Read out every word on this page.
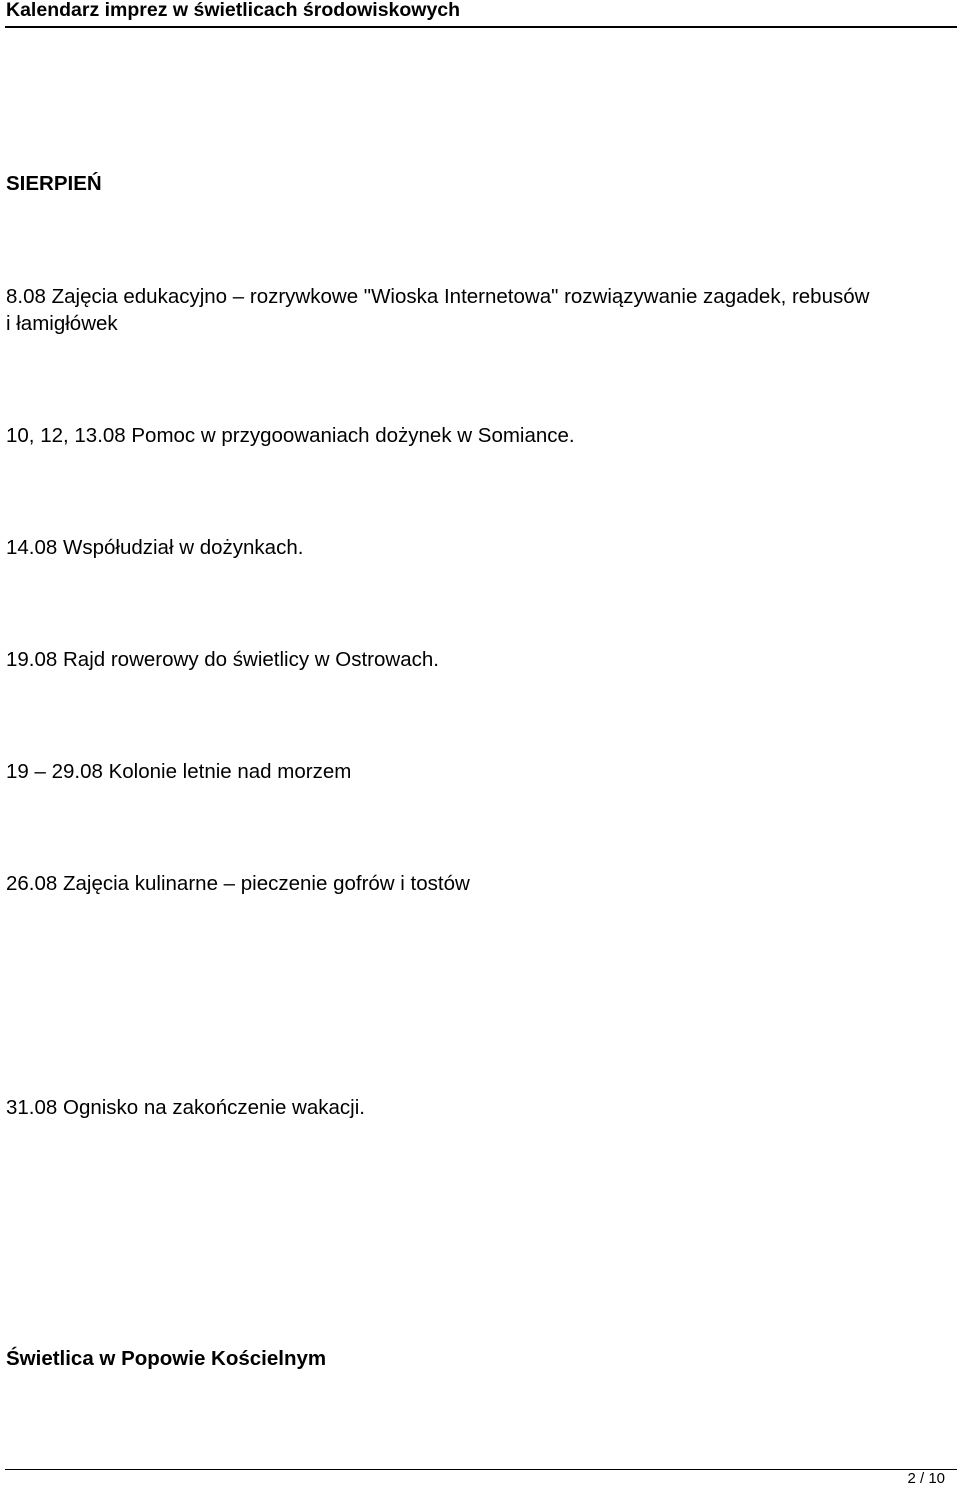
Kalendarz imprez w świetlicach środowiskowych
SIERPIEŃ
8.08 Zajęcia edukacyjno – rozrywkowe "Wioska Internetowa" rozwiązywanie zagadek, rebusów
i łamigłówek
10, 12, 13.08 Pomoc w przygoowaniach dożynek w Somiance.
14.08 Współudział w dożynkach.
19.08 Rajd rowerowy do świetlicy w Ostrowach.
19 – 29.08 Kolonie letnie nad morzem
26.08 Zajęcia kulinarne – pieczenie gofrów i tostów
31.08 Ognisko na zakończenie wakacji.
Świetlica w Popowie Kościelnym
2 / 10
